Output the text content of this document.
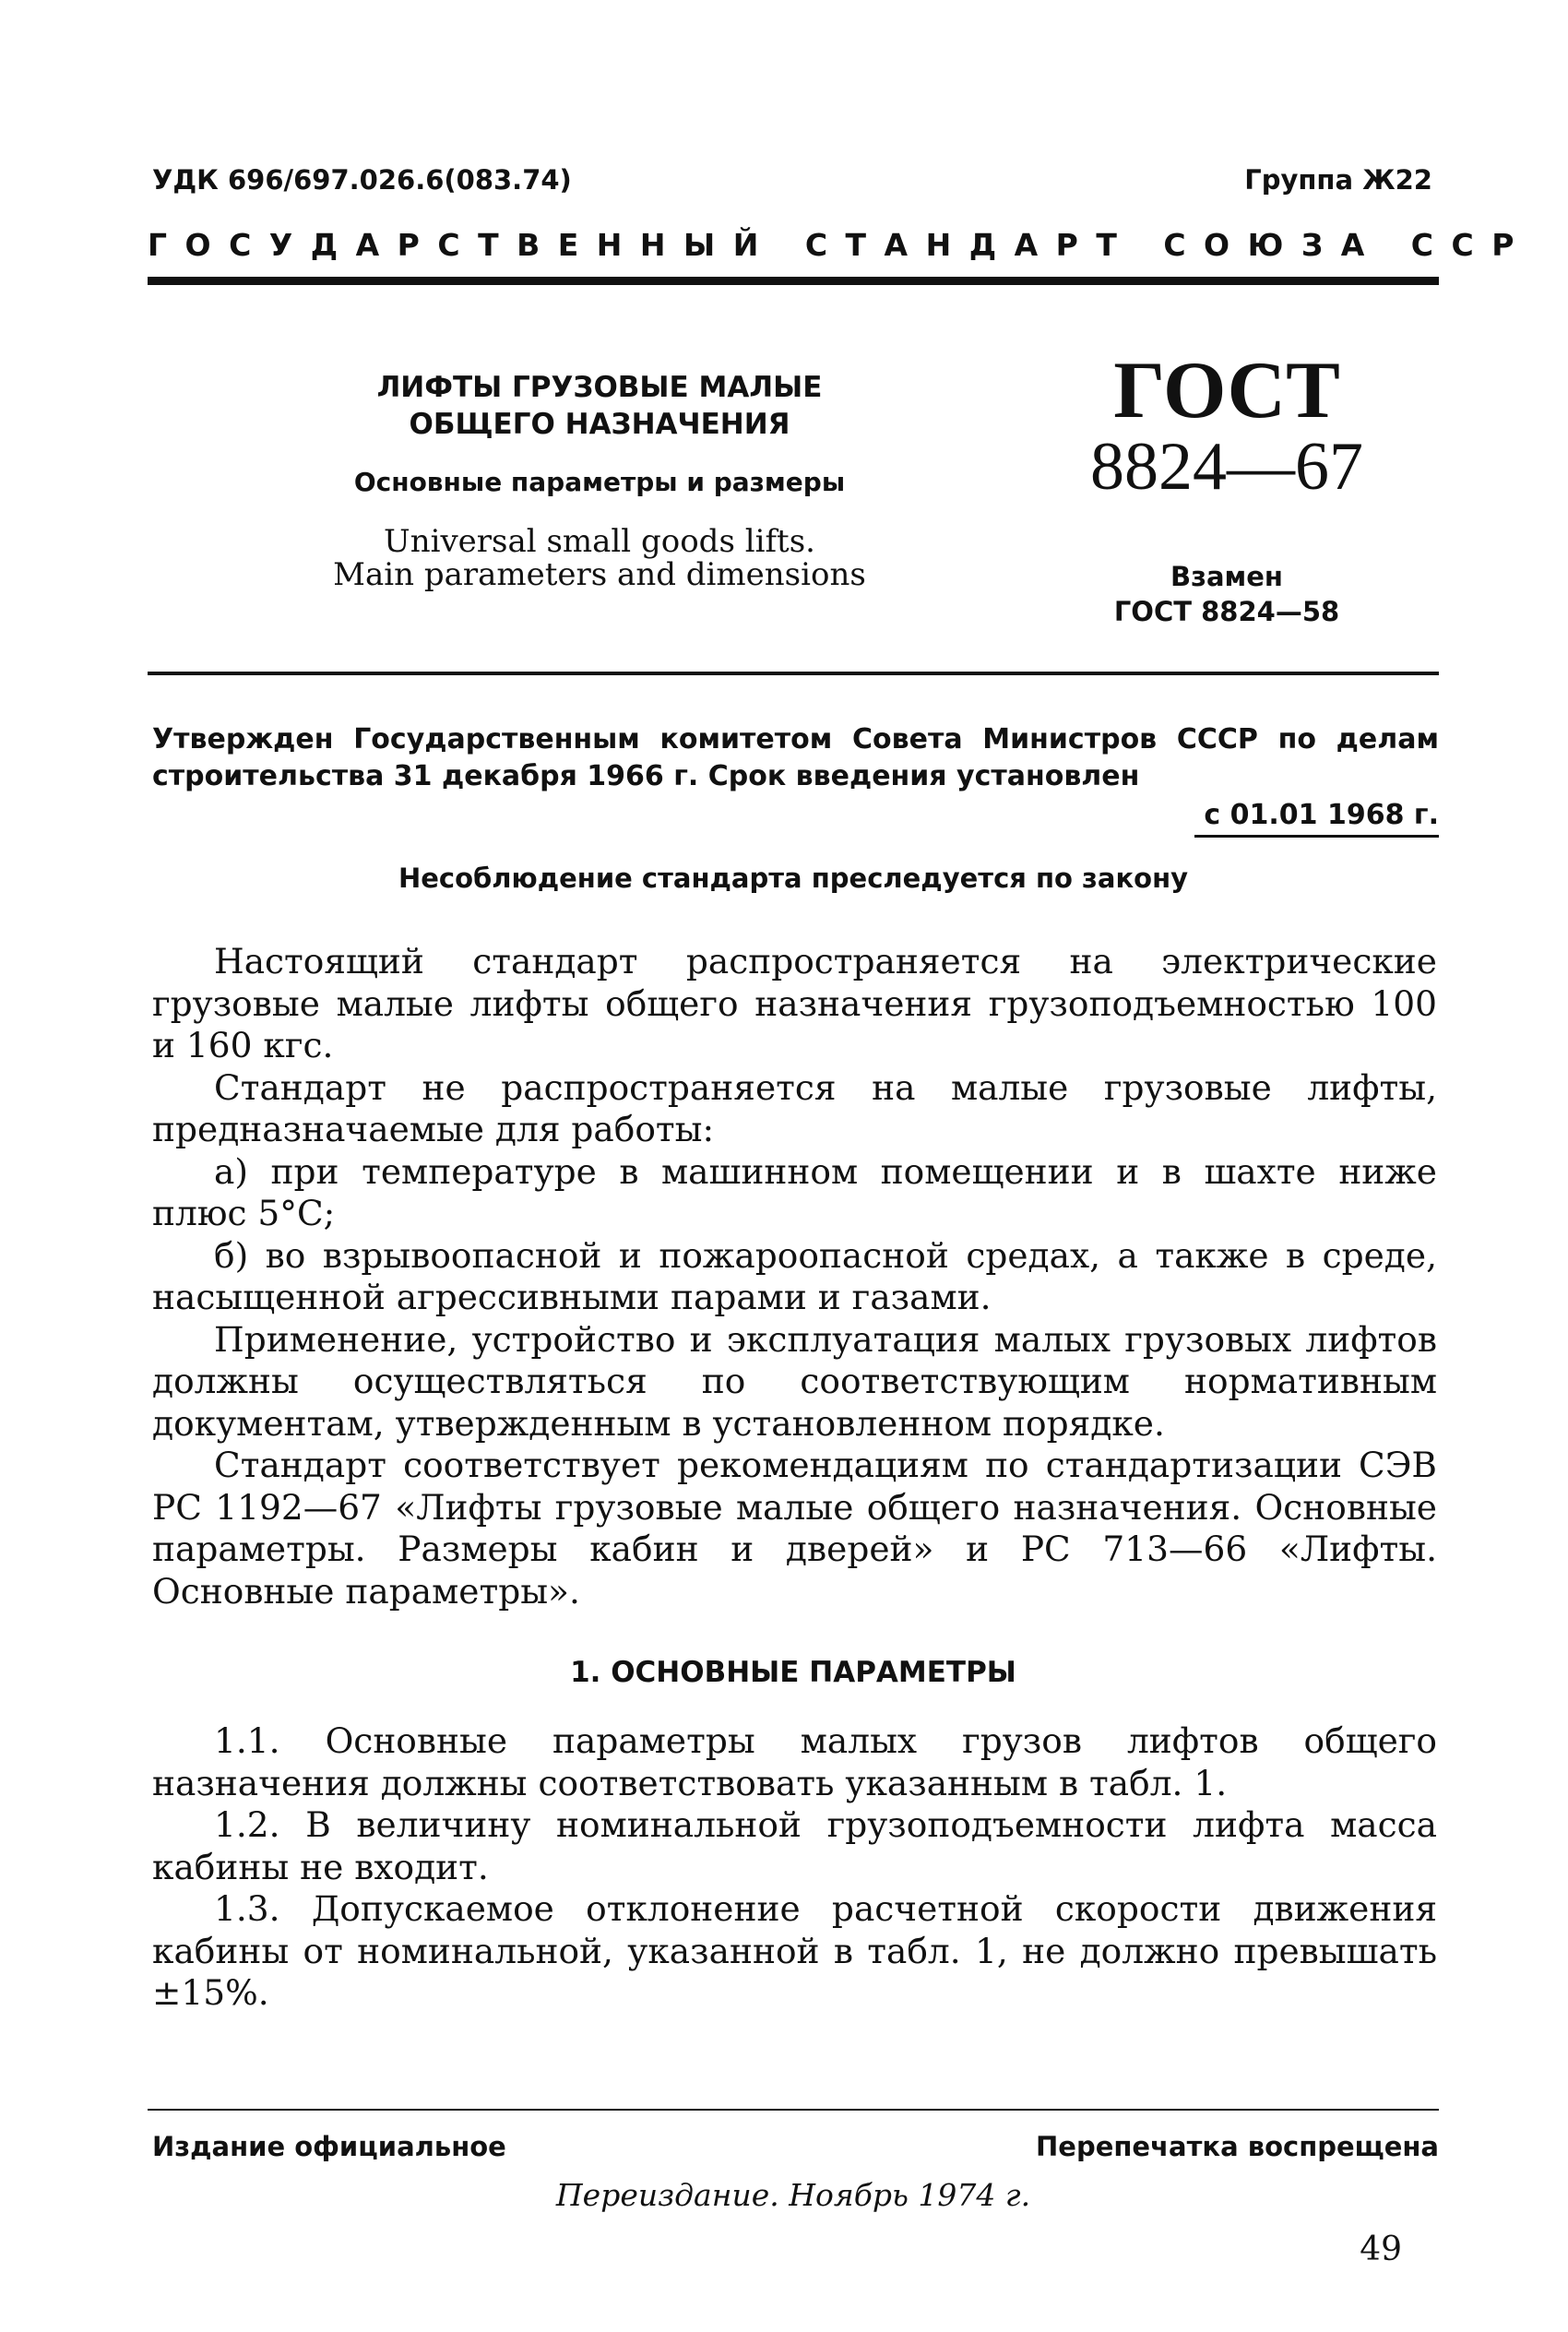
УДК 696/697.026.6(083.74)	Группа Ж22
ГОСУДАРСТВЕННЫЙ СТАНДАРТ СОЮЗА ССР
ЛИФТЫ ГРУЗОВЫЕ МАЛЫЕ
ОБЩЕГО НАЗНАЧЕНИЯ
Основные параметры и размеры
Universal small goods lifts.
Main parameters and dimensions
ГОСТ
8824—67
Взамен
ГОСТ 8824—58
Утвержден Государственным комитетом Совета Министров СССР по делам строительства 31 декабря 1966 г. Срок введения установлен
с 01.01 1968 г.
Несоблюдение стандарта преследуется по закону

Настоящий стандарт распространяется на электрические грузовые малые лифты общего назначения грузоподъемностью 100 и 160 кгс.

Стандарт не распространяется на малые грузовые лифты, предназначаемые для работы:

а) при температуре в машинном помещении и в шахте ниже плюс 5°С;

б) во взрывоопасной и пожароопасной средах, а также в среде, насыщенной агрессивными парами и газами.

Применение, устройство и эксплуатация малых грузовых лифтов должны осуществляться по соответствующим нормативным документам, утвержденным в установленном порядке.

Стандарт соответствует рекомендациям по стандартизации СЭВ РС 1192—67 «Лифты грузовые малые общего назначения. Основные параметры. Размеры кабин и дверей» и РС 713—66 «Лифты. Основные параметры».

1. ОСНОВНЫЕ ПАРАМЕТРЫ

1.1. Основные параметры малых грузов лифтов общего назначения должны соответствовать указанным в табл. 1.

1.2. В величину номинальной грузоподъемности лифта масса кабины не входит.

1.3. Допускаемое отклонение расчетной скорости движения кабины от номинальной, указанной в табл. 1, не должно превышать ±15%.

Издание официальное	Перепечатка воспрещена
Переиздание. Ноябрь 1974 г.
49
